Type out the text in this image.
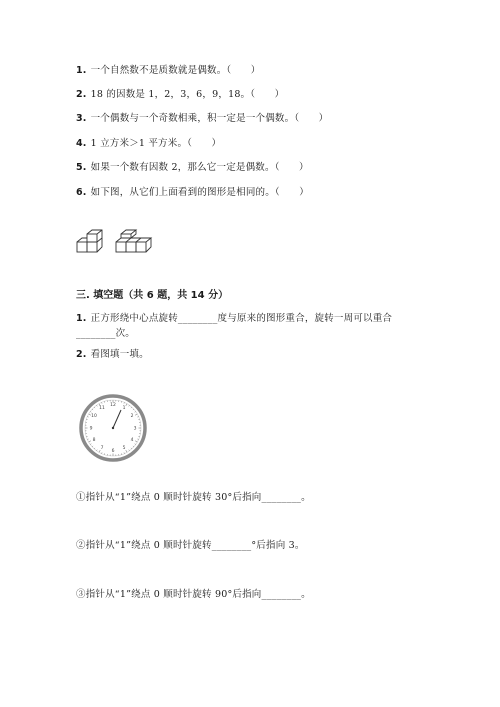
1. 一个自然数不是质数就是偶数。（　　）
2. 18 的因数是 1，2，3，6，9，18。（　　）
3. 一个偶数与一个奇数相乘，积一定是一个偶数。（　　）
4. 1 立方米＞1 平方米。（　　）
5. 如果一个数有因数 2，那么它一定是偶数。（　　）
6. 如下图，从它们上面看到的图形是相同的。（　　）
三. 填空题（共 6 题，共 14 分）
1. 正方形绕中心点旋转________度与原来的图形重合，旋转一周可以重合
________次。
2. 看图填一填。
12
1
2
3
4
5
6
7
8
9
10
11
①指针从“1”绕点 0 顺时针旋转 30°后指向________。
②指针从“1”绕点 0 顺时针旋转________°后指向 3。
③指针从“1”绕点 0 顺时针旋转 90°后指向________。
